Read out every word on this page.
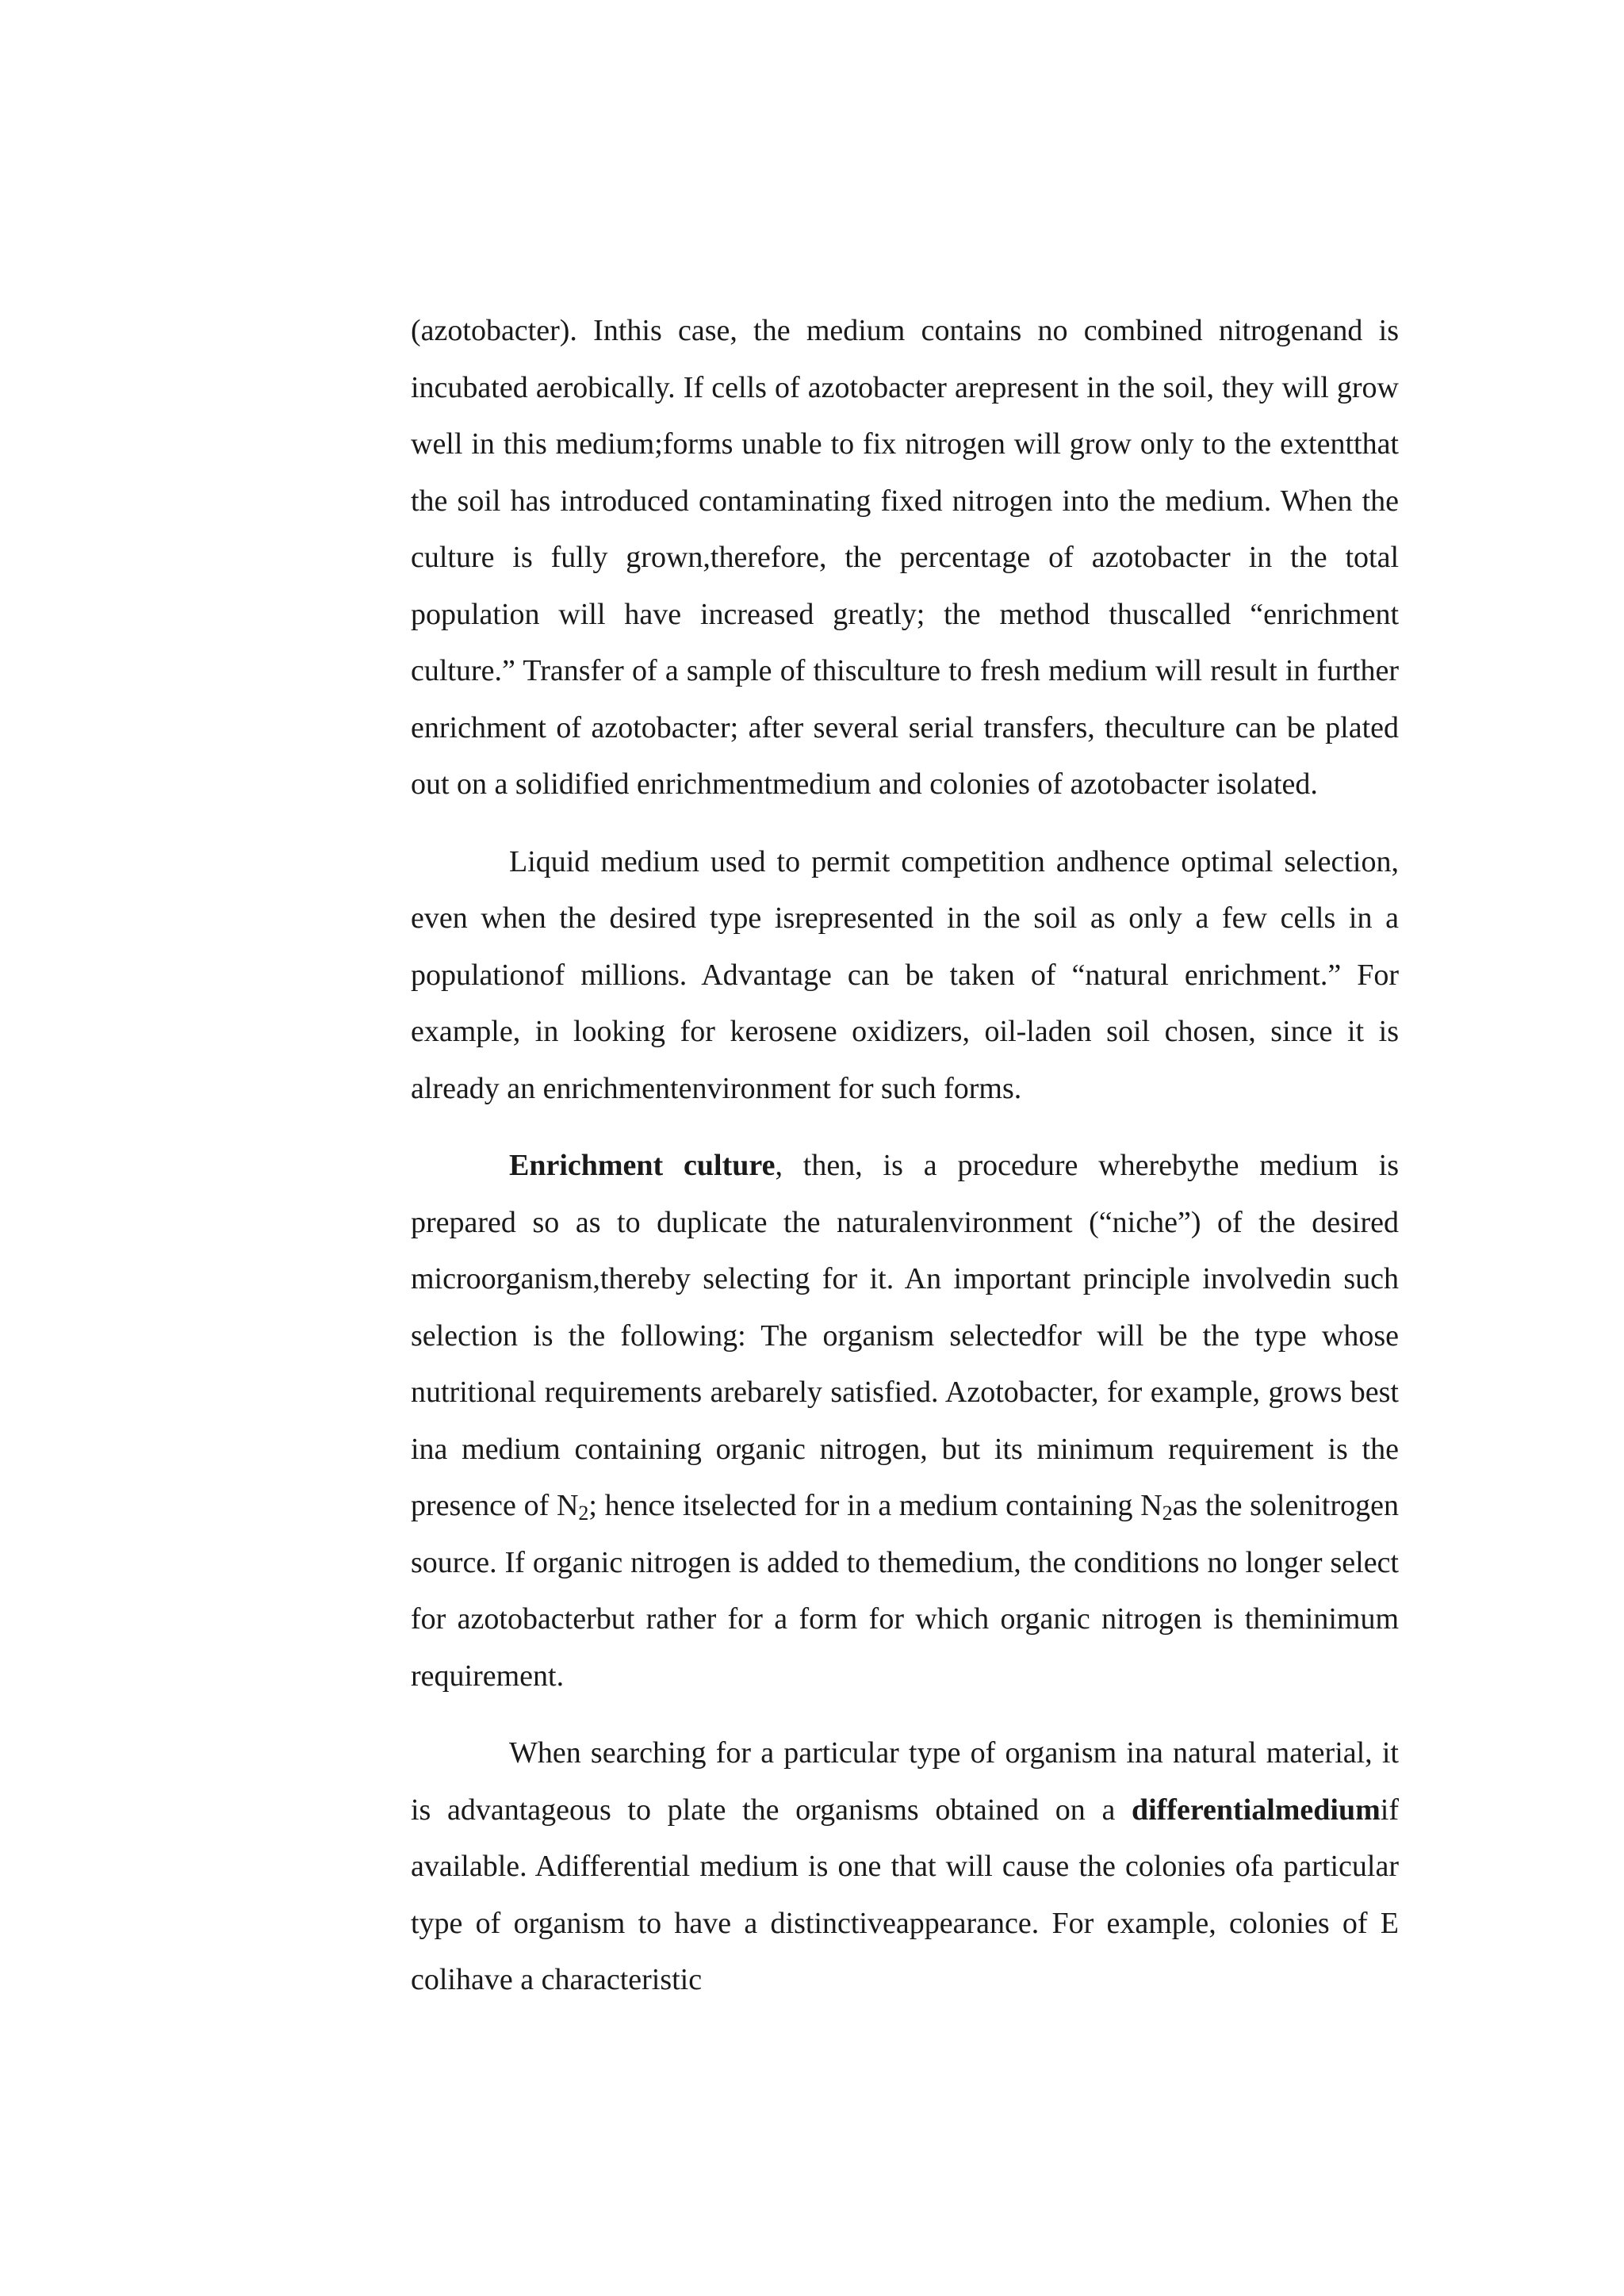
(azotobacter). Inthis case, the medium contains no combined nitrogenand is incubated aerobically. If cells of azotobacter arepresent in the soil, they will grow well in this medium;forms unable to fix nitrogen will grow only to the extentthat the soil has introduced contaminating fixed nitrogen into the medium. When the culture is fully grown,therefore, the percentage of azotobacter in the total population will have increased greatly; the method thuscalled “enrichment culture.” Transfer of a sample of thisculture to fresh medium will result in further enrichment of azotobacter; after several serial transfers, theculture can be plated out on a solidified enrichmentmedium and colonies of azotobacter isolated.

Liquid medium used to permit competition andhence optimal selection, even when the desired type isrepresented in the soil as only a few cells in a populationof millions. Advantage can be taken of “natural enrichment.” For example, in looking for kerosene oxidizers, oil-laden soil chosen, since it is already an enrichmentenvironment for such forms.

Enrichment culture, then, is a procedure wherebythe medium is prepared so as to duplicate the naturalenvironment (“niche”) of the desired microorganism,thereby selecting for it. An important principle involvedin such selection is the following: The organism selectedfor will be the type whose nutritional requirements arebarely satisfied. Azotobacter, for example, grows best ina medium containing organic nitrogen, but its minimum requirement is the presence of $N_2$; hence itselected for in a medium containing $N_2as$ the solenitrogen source. If organic nitrogen is added to themedium, the conditions no longer select for azotobacterbut rather for a form for which organic nitrogen is theminimum requirement.

When searching for a particular type of organism ina natural material, it is advantageous to plate the organisms obtained on a differentialmediumif available. Adifferential medium is one that will cause the colonies ofa particular type of organism to have a distinctiveappearance. For example, colonies of E colihave a characteristic
